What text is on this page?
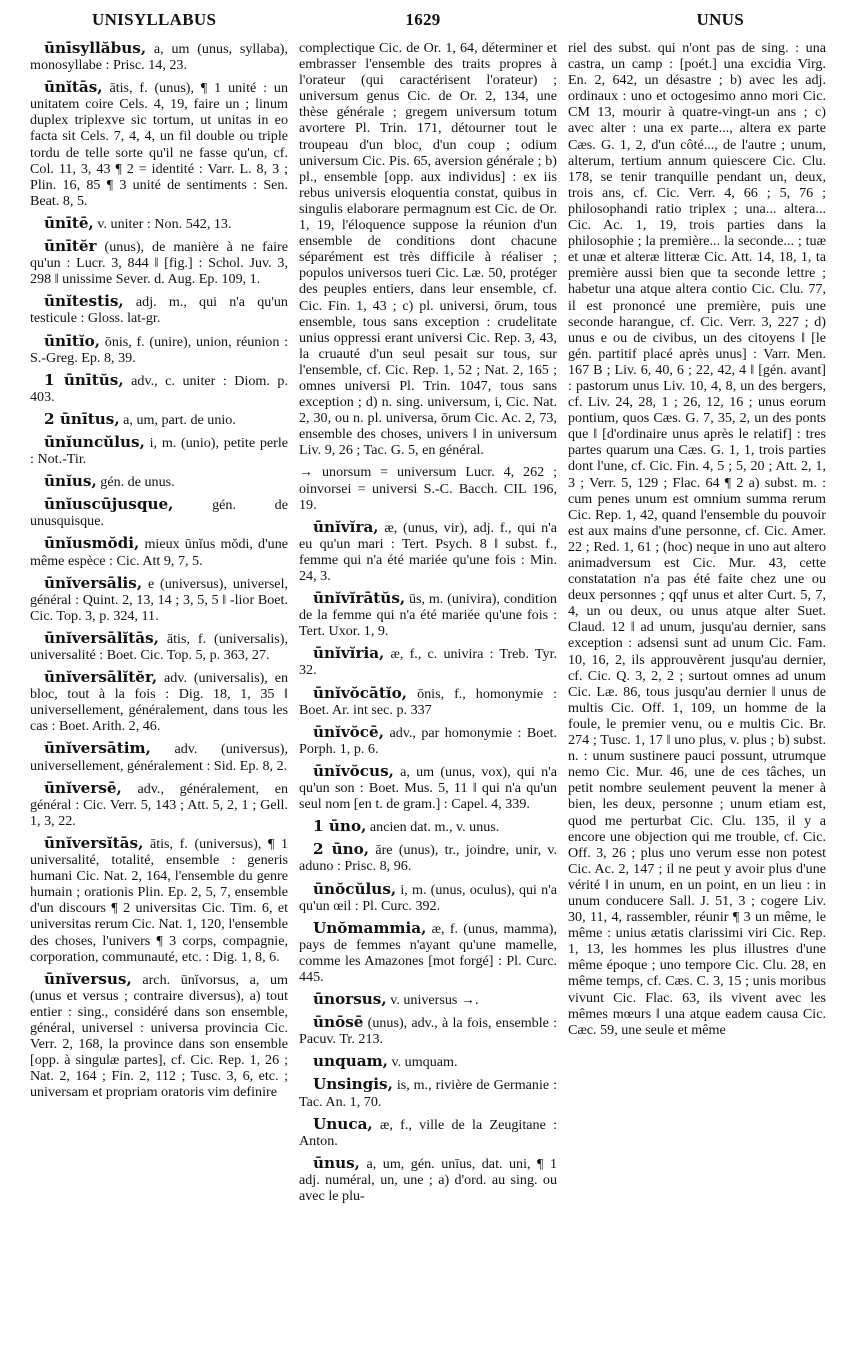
1629
UNISYLLABUS	UNUS

ūnīsyllăbus, a, um (unus, syllaba), monosyllabe : Prisc. 14, 23.

ūnĭtās, ātis, f. (unus), ¶ 1 unité : un unitatem coire Cels. 4, 19, faire un ; linum duplex triplexve sic tortum, ut unitas in eo facta sit Cels. 7, 4, 4, un fil double ou triple tordu de telle sorte qu'il ne fasse qu'un, cf. Col. 11, 3, 43 ¶ 2 = identité : Varr. L. 8, 3 ; Plin. 16, 85 ¶ 3 unité de sentiments : Sen. Beat. 8, 5.

ūnītē, v. uniter : Non. 542, 13.

ūnītĕr (unus), de manière à ne faire qu'un : Lucr. 3, 844 ‖ [fig.] : Schol. Juv. 3, 298 ‖ unissime Sever. d. Aug. Ep. 109, 1.

ūnĭtestis, adj. m., qui n'a qu'un testicule : Gloss. lat-gr.

ūnītĭo, ōnis, f. (unire), union, réunion : S.-Greg. Ep. 8, 39.

1 ūnītŭs, adv., c. uniter : Diom. p. 403.

2 ūnītus, a, um, part. de unio.

ūnĭuncŭlus, i, m. (unio), petite perle : Not.-Tir.

ūnĭus, gén. de unus.

ūnĭuscūjusque,	gén. de unusquisque.

ūnĭusmŏdi, mieux ūnĭus mŏdi, d'une même espèce : Cic. Att 9, 7, 5.

ūnĭversālis, e (universus), universel, général : Quint. 2, 13, 14 ; 3, 5, 5 ‖ -lior Boet. Cic. Top. 3, p. 324, 11.

ūnĭversālĭtās, ātis, f. (universalis), universalité : Boet. Cic. Top. 5, p. 363, 27.

ūnĭversālĭtĕr, adv. (universalis), en bloc, tout à la fois : Dig. 18, 1, 35 ‖ universellement, généralement, dans tous les cas : Boet. Arith. 2, 46.

ūnĭversātim, adv. (universus), universellement, généralement : Sid. Ep. 8, 2.

ūnĭversē, adv., généralement, en général : Cic. Verr. 5, 143 ; Att. 5, 2, 1 ; Gell. 1, 3, 22.

ūnĭversĭtās, ātis, f. (universus), ¶ 1 universalité, totalité, ensemble : generis humani Cic. Nat. 2, 164, l'ensemble du genre humain ; orationis Plin. Ep. 2, 5, 7, ensemble d'un discours ¶ 2 universitas Cic. Tim. 6, et universitas rerum Cic. Nat. 1, 120, l'ensemble des choses, l'univers ¶ 3 corps, compagnie, corporation, communauté, etc. : Dig. 1, 8, 6.

ūnĭversus, arch. ūnĭvorsus, a, um (unus et versus ; contraire diversus), a) tout entier : sing., considéré dans son ensemble, général, universel : universa provincia Cic. Verr. 2, 168, la province dans son ensemble [opp. à singulæ partes], cf. Cic. Rep. 1, 26 ; Nat. 2, 164 ; Fin. 2, 112 ; Tusc. 3, 6, etc. ; universam et propriam oratoris vim definire

complectique Cic. de Or. 1, 64, déterminer et embrasser l'ensemble des traits propres à l'orateur (qui caractérisent l'orateur) ; universum genus Cic. de Or. 2, 134, une thèse générale ; gregem universum totum avortere Pl. Trin. 171, détourner tout le troupeau d'un bloc, d'un coup ; odium universum Cic. Pis. 65, aversion générale ; b) pl., ensemble [opp. aux individus] : ex iis rebus universis eloquentia constat, quibus in singulis elaborare permagnum est Cic. de Or. 1, 19, l'éloquence suppose la réunion d'un ensemble de conditions dont chacune séparément est très difficile à réaliser ; populos universos tueri Cic. Læ. 50, protéger des peuples entiers, dans leur ensemble, cf. Cic. Fin. 1, 43 ; c) pl. universi, ōrum, tous ensemble, tous sans exception : crudelitate unius oppressi erant universi Cic. Rep. 3, 43, la cruauté d'un seul pesait sur tous, sur l'ensemble, cf. Cic. Rep. 1, 52 ; Nat. 2, 165 ; omnes universi Pl. Trin. 1047, tous sans exception ; d) n. sing. universum, i, Cic. Nat. 2, 30, ou n. pl. universa, ōrum Cic. Ac. 2, 73, ensemble des choses, univers ‖ in universum Liv. 9, 26 ; Tac. G. 5, en général.

→ unorsum = universum Lucr. 4, 262 ; oinvorsei = universi S.-C. Bacch. CIL 196, 19.

ūnĭvĭra, æ, (unus, vir), adj. f., qui n'a eu qu'un mari : Tert. Psych. 8 ‖ subst. f., femme qui n'a été mariée qu'une fois : Min. 24, 3.

ūnĭvĭrātŭs, ūs, m. (univira), condition de la femme qui n'a été mariée qu'une fois : Tert. Uxor. 1, 9.

ūnĭvĭria, æ, f., c. univira : Treb. Tyr. 32.

ūnĭvŏcātĭo, ōnis, f., homonymie : Boet. Ar. int sec. p. 337

ūnĭvŏcē, adv., par homonymie : Boet. Porph. 1, p. 6.

ūnĭvŏcus, a, um (unus, vox), qui n'a qu'un son : Boet. Mus. 5, 11 ‖ qui n'a qu'un seul nom [en t. de gram.] : Capel. 4, 339.

1 ūno, ancien dat. m., v. unus.

2 ūno, āre (unus), tr., joindre, unir, v. aduno : Prisc. 8, 96.

ūnŏcŭlus, i, m. (unus, oculus), qui n'a qu'un œil : Pl. Curc. 392.

Unŏmammia, æ, f. (unus, mamma), pays de femmes n'ayant qu'une mamelle, comme les Amazones [mot forgé] : Pl. Curc. 445.

ūnorsus, v. universus →.

ūnōsē (unus), adv., à la fois, ensemble : Pacuv. Tr. 213.

unquam, v. umquam.

Unsingis, is, m., rivière de Germanie : Tac. An. 1, 70.

Unuca, æ, f., ville de la Zeugitane : Anton.

ūnus, a, um, gén. unīus, dat. uni, ¶ 1 adj. numéral, un, une ; a) d'ord. au sing. ou avec le plu-

riel des subst. qui n'ont pas de sing. : una castra, un camp : [poét.] una excidia Virg. En. 2, 642, un désastre ; b) avec les adj. ordinaux : uno et octogesimo anno mori Cic. CM 13, mourir à quatre-vingt-un ans ; c) avec alter : una ex parte..., altera ex parte Cæs. G. 1, 2, d'un côté..., de l'autre ; unum, alterum, tertium annum quiescere Cic. Clu. 178, se tenir tranquille pendant un, deux, trois ans, cf. Cic. Verr. 4, 66 ; 5, 76 ; philosophandi ratio triplex ; una... altera... Cic. Ac. 1, 19, trois parties dans la philosophie ; la première... la seconde... ; tuæ et unæ et alteræ litteræ Cic. Att. 14, 18, 1, ta première aussi bien que ta seconde lettre ; habetur una atque altera contio Cic. Clu. 77, il est prononcé une première, puis une seconde harangue, cf. Cic. Verr. 3, 227 ; d) unus e ou de civibus, un des citoyens ‖ [le gén. partitif placé après unus] : Varr. Men. 167 B ; Liv. 6, 40, 6 ; 22, 42, 4 ‖ [gén. avant] : pastorum unus Liv. 10, 4, 8, un des bergers, cf. Liv. 24, 28, 1 ; 26, 12, 16 ; unus eorum pontium, quos Cæs. G. 7, 35, 2, un des ponts que ‖ [d'ordinaire unus après le relatif] : tres partes quarum una Cæs. G. 1, 1, trois parties dont l'une, cf. Cic. Fin. 4, 5 ; 5, 20 ; Att. 2, 1, 3 ; Verr. 5, 129 ; Flac. 64 ¶ 2 a) subst. m. : cum penes unum est omnium summa rerum Cic. Rep. 1, 42, quand l'ensemble du pouvoir est aux mains d'une personne, cf. Cic. Amer. 22 ; Red. 1, 61 ; (hoc) neque in uno aut altero animadversum est Cic. Mur. 43, cette constatation n'a pas été faite chez une ou deux personnes ; qqf unus et alter Curt. 5, 7, 4, un ou deux, ou unus atque alter Suet. Claud. 12 ‖ ad unum, jusqu'au dernier, sans exception : adsensi sunt ad unum Cic. Fam. 10, 16, 2, ils approuvèrent jusqu'au dernier, cf. Cic. Q. 3, 2, 2 ; surtout omnes ad unum Cic. Læ. 86, tous jusqu'au dernier ‖ unus de multis Cic. Off. 1, 109, un homme de la foule, le premier venu, ou e multis Cic. Br. 274 ; Tusc. 1, 17 ‖ uno plus, v. plus ; b) subst. n. : unum sustinere pauci possunt, utrumque nemo Cic. Mur. 46, une de ces tâches, un petit nombre seulement peuvent la mener à bien, les deux, personne ; unum etiam est, quod me perturbat Cic. Clu. 135, il y a encore une objection qui me trouble, cf. Cic. Off. 3, 26 ; plus uno verum esse non potest Cic. Ac. 2, 147 ; il ne peut y avoir plus d'une vérité ‖ in unum, en un point, en un lieu : in unum conducere Sall. J. 51, 3 ; cogere Liv. 30, 11, 4, rassembler, réunir ¶ 3 un même, le même : unius ætatis clarissimi viri Cic. Rep. 1, 13, les hommes les plus illustres d'une même époque ; uno tempore Cic. Clu. 28, en même temps, cf. Cæs. C. 3, 15 ; unis moribus vivunt Cic. Flac. 63, ils vivent avec les mêmes mœurs ‖ una atque eadem causa Cic. Cæc. 59, une seule et même
